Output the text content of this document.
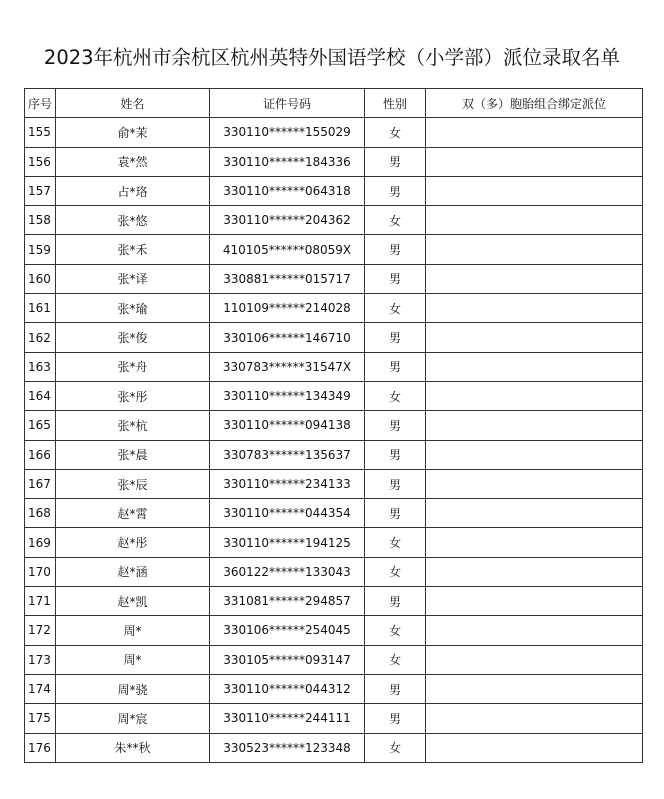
2023年杭州市余杭区杭州英特外国语学校（小学部）派位录取名单
序号	姓名	证件号码	性别	双（多）胞胎组合绑定派位
155	俞*茉	330110******155029	女	
156	袁*然	330110******184336	男	
157	占*珞	330110******064318	男	
158	张*悠	330110******204362	女	
159	张*禾	410105******08059X	男	
160	张*译	330881******015717	男	
161	张*瑜	110109******214028	女	
162	张*俊	330106******146710	男	
163	张*舟	330783******31547X	男	
164	张*彤	330110******134349	女	
165	张*杭	330110******094138	男	
166	张*晨	330783******135637	男	
167	张*辰	330110******234133	男	
168	赵*霄	330110******044354	男	
169	赵*彤	330110******194125	女	
170	赵*涵	360122******133043	女	
171	赵*凯	331081******294857	男	
172	周*	330106******254045	女	
173	周*	330105******093147	女	
174	周*骁	330110******044312	男	
175	周*宸	330110******244111	男	
176	朱**秋	330523******123348	女	
